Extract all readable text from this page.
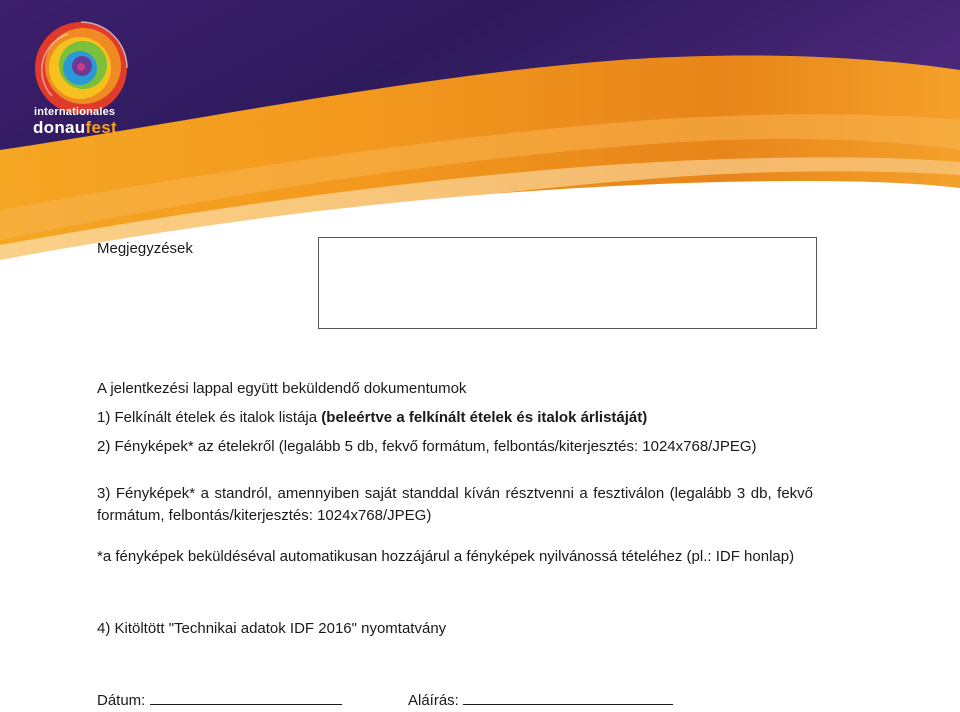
internationales
donaufest
Megjegyzések
A jelentkezési lappal együtt beküldendő dokumentumok
1) Felkínált ételek és italok listája (beleértve a felkínált ételek és italok árlistáját)
2) Fényképek* az ételekről (legalább 5 db, fekvő formátum, felbontás/kiterjesztés: 1024x768/JPEG)
3) Fényképek* a standról, amennyiben saját standdal kíván résztvenni a fesztiválon (legalább 3 db, fekvő formátum, felbontás/kiterjesztés: 1024x768/JPEG)
*a fényképek beküldéséval automatikusan hozzájárul a fényképek nyilvánossá tételéhez (pl.: IDF honlap)
4) Kitöltött "Technikai adatok IDF 2016" nyomtatvány
Dátum:	Aláírás:
